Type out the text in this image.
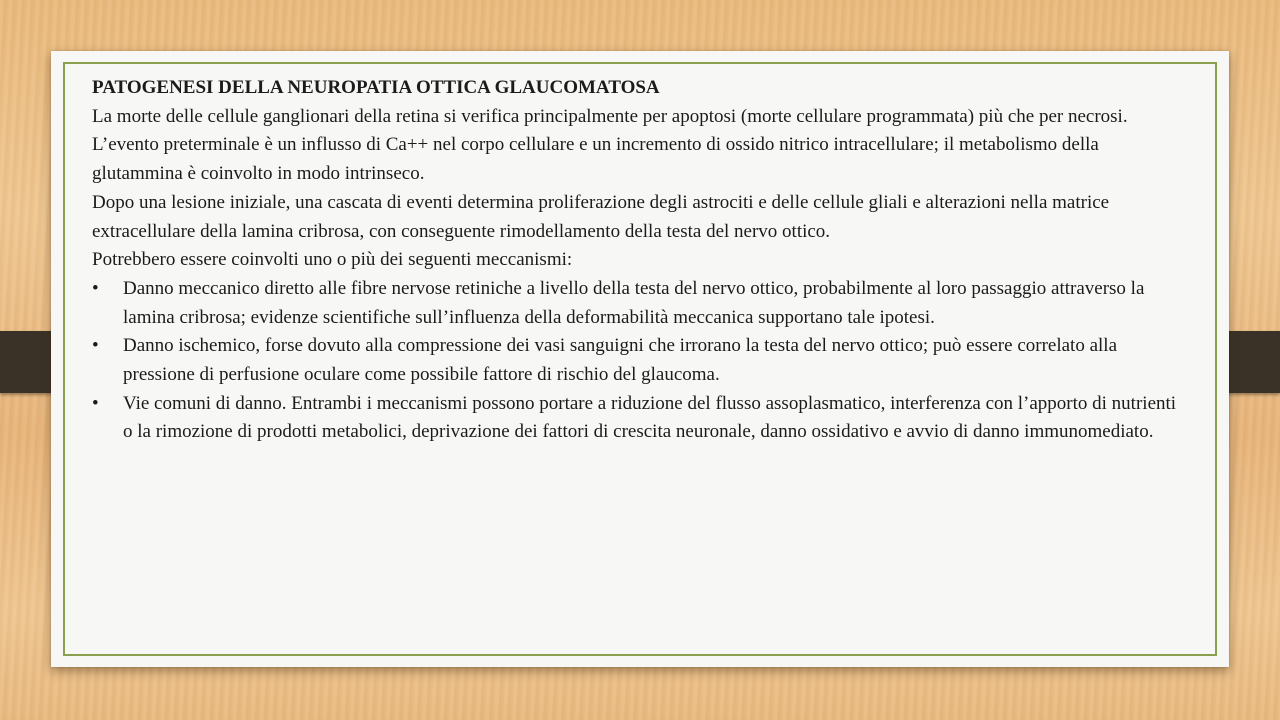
PATOGENESI DELLA NEUROPATIA OTTICA GLAUCOMATOSA

La morte delle cellule ganglionari della retina si verifica principalmente per apoptosi (morte cellulare programmata) più che per necrosi.

L’evento preterminale è un influsso di Ca++ nel corpo cellulare e un incremento di ossido nitrico intracellulare; il metabolismo della glutammina è coinvolto in modo intrinseco.

Dopo una lesione iniziale, una cascata di eventi determina proliferazione degli astrociti e delle cellule gliali e alterazioni nella matrice extracellulare della lamina cribrosa, con conseguente rimodellamento della testa del nervo ottico.

Potrebbero essere coinvolti uno o più dei seguenti meccanismi:

• Danno meccanico diretto alle fibre nervose retiniche a livello della testa del nervo ottico, probabilmente al loro passaggio attraverso la lamina cribrosa; evidenze scientifiche sull’influenza della deformabilità meccanica supportano tale ipotesi.
• Danno ischemico, forse dovuto alla compressione dei vasi sanguigni che irrorano la testa del nervo ottico; può essere correlato alla pressione di perfusione oculare come possibile fattore di rischio del glaucoma.
• Vie comuni di danno. Entrambi i meccanismi possono portare a riduzione del flusso assoplasmatico, interferenza con l’apporto di nutrienti o la rimozione di prodotti metabolici, deprivazione dei fattori di crescita neuronale, danno ossidativo e avvio di danno immunomediato.
